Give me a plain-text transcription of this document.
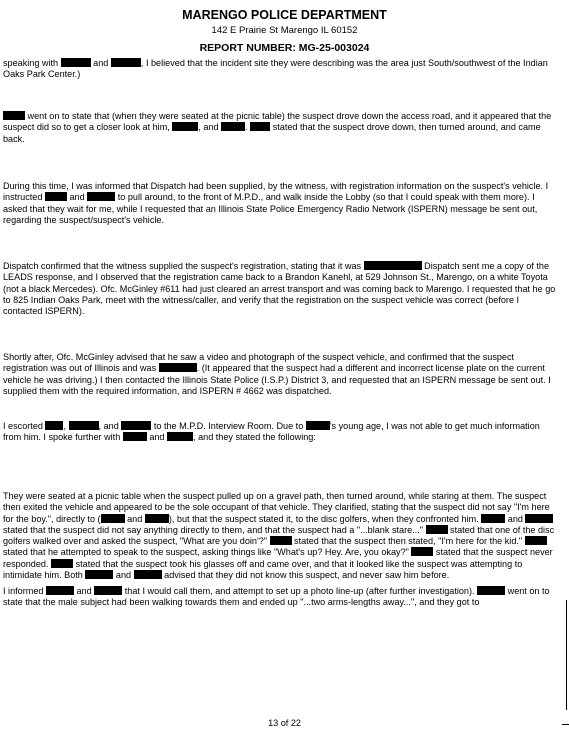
MARENGO POLICE DEPARTMENT
142 E Prairie St Marengo IL 60152
REPORT NUMBER: MG-25-003024

speaking with	and	, I believed that the incident site they were describing was the area just South/southwest of the Indian Oaks Park Center.)

went on to state that (when they were seated at the picnic table) the suspect drove down the access road, and it appeared that the suspect did so to get a closer look at him,	, and	.  stated that the suspect drove down, then turned around, and came back.

During this time, I was informed that Dispatch had been supplied, by the witness, with registration information on the suspect's vehicle. I instructed	and	to pull around, to the front of M.P.D., and walk inside the Lobby (so that I could speak with them more). I asked that they wait for me, while I requested that an Illinois State Police Emergency Radio Network (ISPERN) message be sent out, regarding the suspect/suspect's vehicle.

Dispatch confirmed that the witness supplied the suspect's registration, stating that it was	Dispatch sent me a copy of the LEADS response, and I observed that the registration came back to a Brandon Kanehl, at 529 Johnson St., Marengo, on a white Toyota (not a black Mercedes). Ofc. McGinley #611 had just cleared an arrest transport and was coming back to Marengo. I requested that he go to 825 Indian Oaks Park, meet with the witness/caller, and verify that the registration on the suspect vehicle was correct (before I contacted ISPERN).

Shortly after, Ofc. McGinley advised that he saw a video and photograph of the suspect vehicle, and confirmed that the suspect registration was out of Illinois and was	. (It appeared that the suspect had a different and incorrect license plate on the current vehicle he was driving.) I then contacted the Illinois State Police (I.S.P.) District 3, and requested that an ISPERN message be sent out. I supplied them with the required information, and ISPERN # 4662 was dispatched.

I escorted ,	, and	to the M.P.D. Interview Room. Due to	's young age, I was not able to get much information from him. I spoke further with	and	, and they stated the following:

They were seated at a picnic table when the suspect pulled up on a gravel path, then turned around, while staring at them. The suspect then exited the vehicle and appeared to be the sole occupant of that vehicle. They clarified, stating that the suspect did not say "I'm here for the boy.", directly to (	and	), but that the suspect stated it, to the disc golfers, when they confronted him.	and  stated that the suspect did not say anything directly to them, and that the suspect had a "...blank stare..."	stated that one of the disc golfers walked over and asked the suspect, "What are you doin'?"	stated that the suspect then stated, "I'm here for the kid."  stated that he attempted to speak to the suspect, asking things like "What's up? Hey. Are, you okay?"	stated that the suspect never responded.	stated that the suspect took his glasses off and came over, and that it looked like the suspect was attempting to intimidate him. Both	and	advised that they did not know this suspect, and never saw him before.

I informed	and	that I would call them, and attempt to set up a photo line-up (after further investigation).	went on to state that the male subject had been walking towards them and ended up "...two arms-lengths away...", and they got to

13 of 22
